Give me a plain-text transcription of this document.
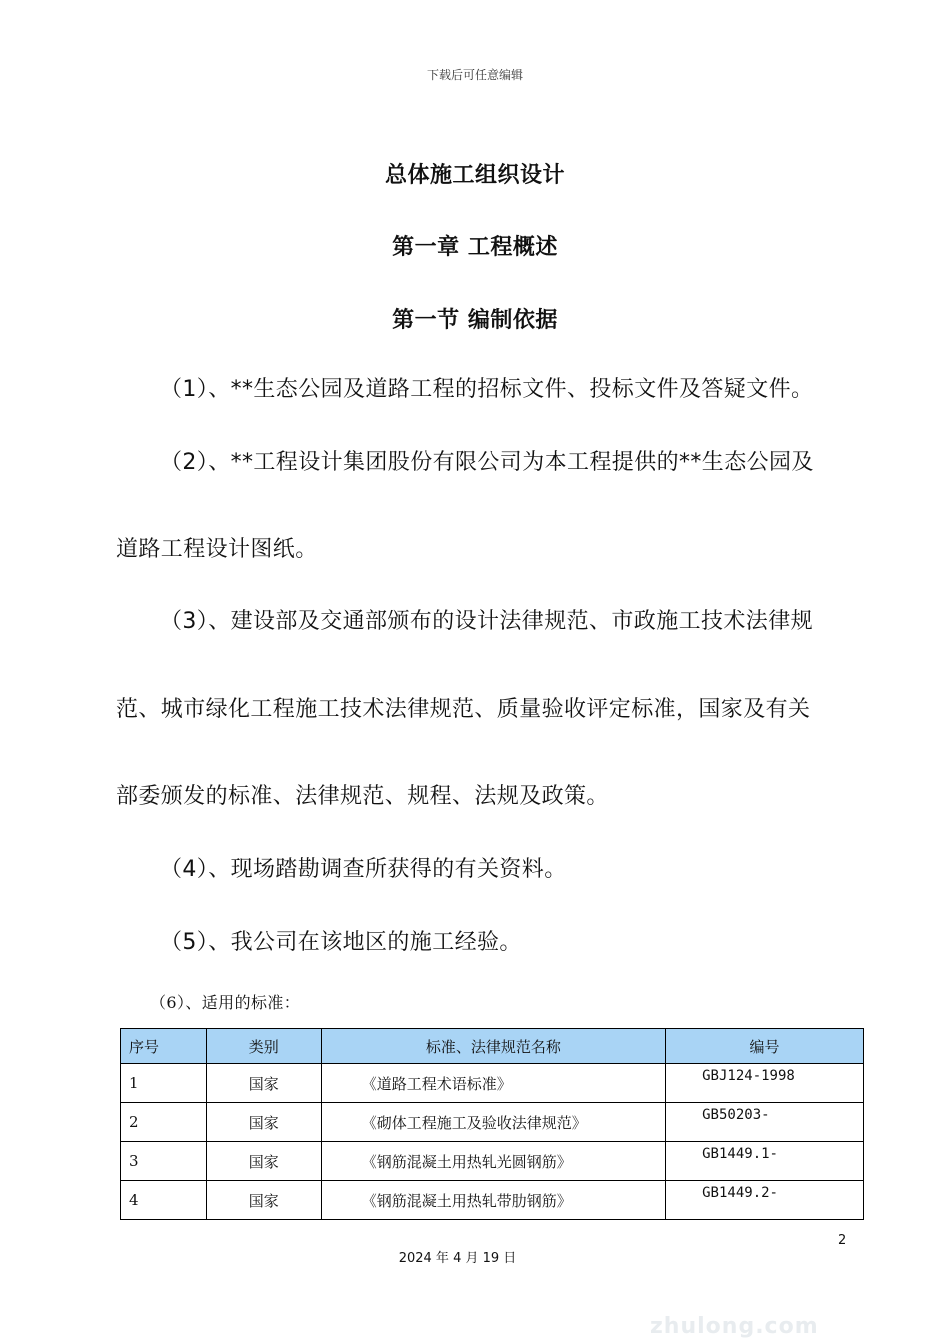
下载后可任意编辑
总体施工组织设计
第一章 工程概述
第一节 编制依据
（1）、**生态公园及道路工程的招标文件、投标文件及答疑文件。
（2）、**工程设计集团股份有限公司为本工程提供的**生态公园及
道路工程设计图纸。
（3）、建设部及交通部颁布的设计法律规范、市政施工技术法律规
范、城市绿化工程施工技术法律规范、质量验收评定标准，国家及有关
部委颁发的标准、法律规范、规程、法规及政策。
（4）、现场踏勘调查所获得的有关资料。
（5）、我公司在该地区的施工经验。
（6）、适用的标准：
序号	类别	标准、法律规范名称	编号
1	国家	《道路工程术语标准》	GBJ124-1998
2	国家	《砌体工程施工及验收法律规范》	GB50203-
3	国家	《钢筋混凝土用热轧光圆钢筋》	GB1449.1-
4	国家	《钢筋混凝土用热轧带肋钢筋》	GB1449.2-
2
2024 年 4 月 19 日
zhulong.com
